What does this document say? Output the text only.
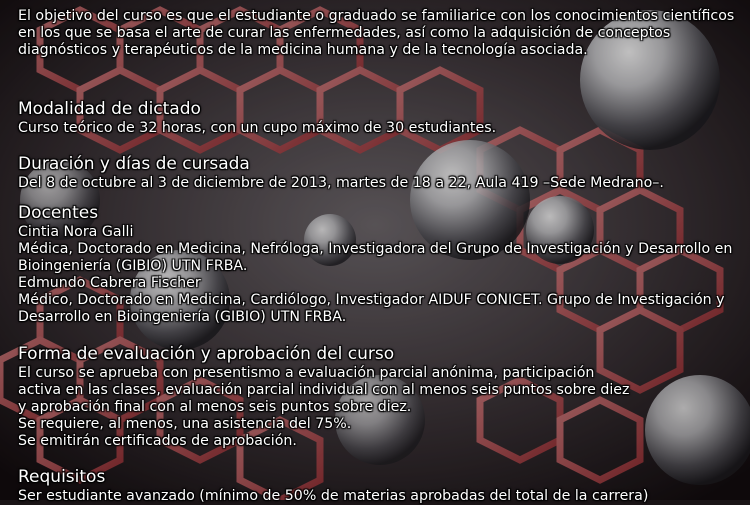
El objetivo del curso es que el estudiante o graduado se familiarice con los conocimientos científicos en los que se basa el arte de curar las enfermedades, así como la adquisición de conceptos diagnósticos y terapéuticos de la medicina humana y de la tecnología asociada.

Modalidad de dictado

Curso teórico de 32 horas, con un cupo máximo de 30 estudiantes.

Duración y días de cursada

Del 8 de octubre al 3 de diciembre de 2013, martes de 18 a 22, Aula 419 –Sede Medrano–.

Docentes

Cintia Nora Galli

Médica, Doctorado en Medicina, Nefróloga, Investigadora del Grupo de Investigación y Desarrollo en Bioingeniería (GIBIO) UTN FRBA.

Edmundo Cabrera Fischer

Médico, Doctorado en Medicina, Cardiólogo, Investigador AIDUF CONICET. Grupo de Investigación y Desarrollo en Bioingeniería (GIBIO) UTN FRBA.

Forma de evaluación y aprobación del curso

El curso se aprueba con presentismo a evaluación parcial anónima, participación

activa en las clases, evaluación parcial individual con al menos seis puntos sobre diez

y aprobación final con al menos seis puntos sobre diez.

Se requiere, al menos, una asistencia del 75%.

Se emitirán certificados de aprobación.

Requisitos

Ser estudiante avanzado (mínimo de 50% de materias aprobadas del total de la carrera)
